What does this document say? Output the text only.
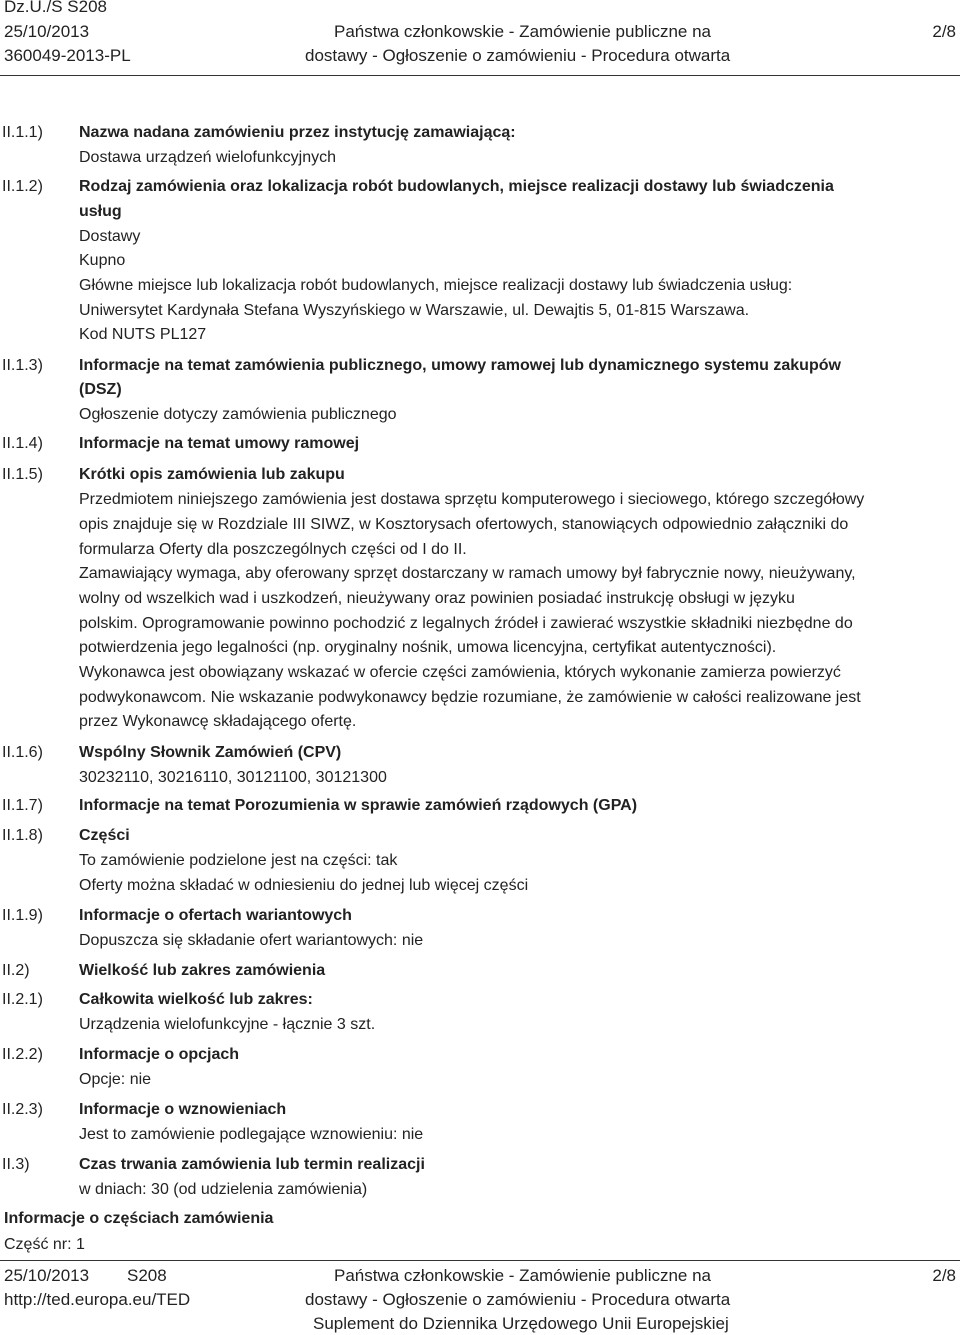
Dz.U./S S208
25/10/2013
360049-2013-PL
Państwa członkowskie - Zamówienie publiczne na
dostawy - Ogłoszenie o zamówieniu - Procedura otwarta
2/8
II.1.1)
II.1.2)
II.1.3)
II.1.4)
II.1.5)
II.1.6)
II.1.7)
II.1.8)
II.1.9)
II.2)
II.2.1)
II.2.2)
II.2.3)
II.3)
Nazwa nadana zamówieniu przez instytucję zamawiającą:
Dostawa urządzeń wielofunkcyjnych
Rodzaj zamówienia oraz lokalizacja robót budowlanych, miejsce realizacji dostawy lub świadczenia
usług
Dostawy
Kupno
Główne miejsce lub lokalizacja robót budowlanych, miejsce realizacji dostawy lub świadczenia usług:
Uniwersytet Kardynała Stefana Wyszyńskiego w Warszawie, ul. Dewajtis 5, 01-815 Warszawa.
Kod NUTS PL127
Informacje na temat zamówienia publicznego, umowy ramowej lub dynamicznego systemu zakupów
(DSZ)
Ogłoszenie dotyczy zamówienia publicznego
Informacje na temat umowy ramowej
Krótki opis zamówienia lub zakupu
Przedmiotem niniejszego zamówienia jest dostawa sprzętu komputerowego i sieciowego, którego szczegółowy
opis znajduje się w Rozdziale III SIWZ, w Kosztorysach ofertowych, stanowiących odpowiednio załączniki do
formularza Oferty dla poszczególnych części od I do II.
Zamawiający wymaga, aby oferowany sprzęt dostarczany w ramach umowy był fabrycznie nowy, nieużywany,
wolny od wszelkich wad i uszkodzeń, nieużywany oraz powinien posiadać instrukcję obsługi w języku
polskim. Oprogramowanie powinno pochodzić z legalnych źródeł i zawierać wszystkie składniki niezbędne do
potwierdzenia jego legalności (np. oryginalny nośnik, umowa licencyjna, certyfikat autentyczności).
Wykonawca jest obowiązany wskazać w ofercie części zamówienia, których wykonanie zamierza powierzyć
podwykonawcom. Nie wskazanie podwykonawcy będzie rozumiane, że zamówienie w całości realizowane jest
przez Wykonawcę składającego ofertę.
Wspólny Słownik Zamówień (CPV)
30232110, 30216110, 30121100, 30121300
Informacje na temat Porozumienia w sprawie zamówień rządowych (GPA)
Części
To zamówienie podzielone jest na części: tak
Oferty można składać w odniesieniu do jednej lub więcej części
Informacje o ofertach wariantowych
Dopuszcza się składanie ofert wariantowych: nie
Wielkość lub zakres zamówienia
Całkowita wielkość lub zakres:
Urządzenia wielofunkcyjne - łącznie 3 szt.
Informacje o opcjach
Opcje: nie
Informacje o wznowieniach
Jest to zamówienie podlegające wznowieniu: nie
Czas trwania zamówienia lub termin realizacji
w dniach: 30 (od udzielenia zamówienia)
Informacje o częściach zamówienia
Część nr: 1
25/10/2013 S208
http://ted.europa.eu/TED
Państwa członkowskie - Zamówienie publiczne na
dostawy - Ogłoszenie o zamówieniu - Procedura otwarta
Suplement do Dziennika Urzędowego Unii Europejskiej
2/8
